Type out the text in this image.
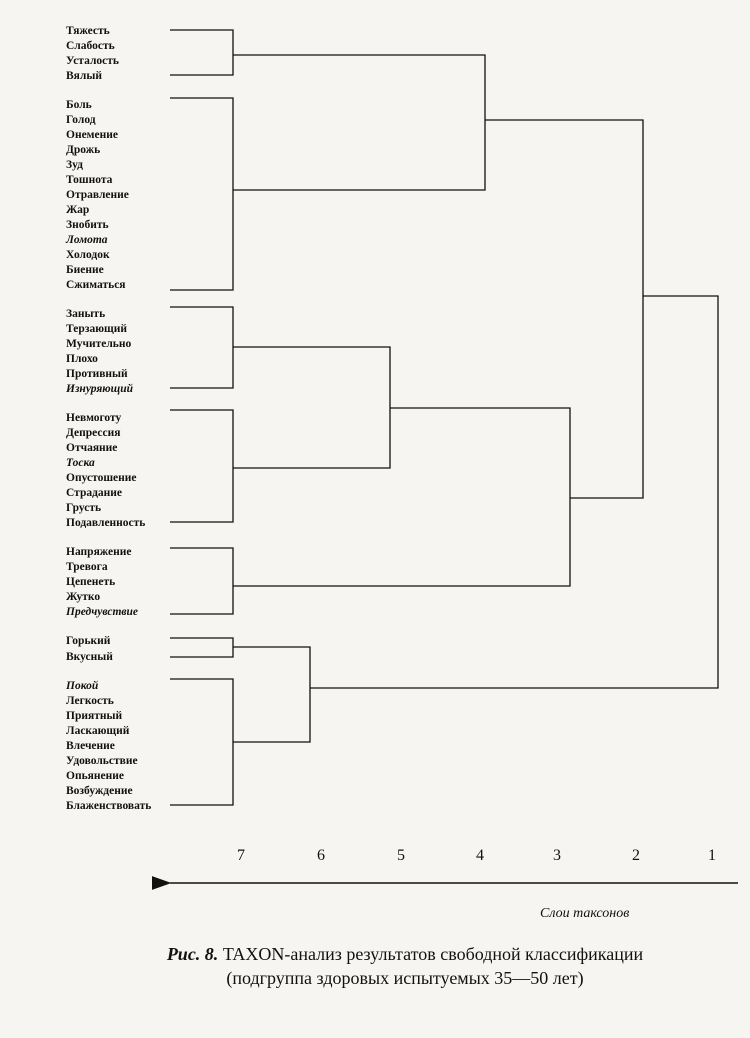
Тяжесть
Слабость
Усталость
Вялый
Боль
Голод
Онемение
Дрожь
Зуд
Тошнота
Отравление
Жар
Знобить
Ломота
Холодок
Биение
Сжиматься
Заныть
Терзающий
Мучительно
Плохо
Противный
Изнуряющий
Невмоготу
Депрессия
Отчаяние
Тоска
Опустошение
Страдание
Грусть
Подавленность
Напряжение
Тревога
Цепенеть
Жутко
Предчувствие
Горький
Вкусный
Покой
Легкость
Приятный
Ласкающий
Влечение
Удовольствие
Опьянение
Возбуждение
Блаженствовать
7	6	5	4	3	2	1
Слои таксонов
Рис. 8. TAXON-анализ результатов свободной классификации
(подгруппа здоровых испытуемых 35—50 лет)
